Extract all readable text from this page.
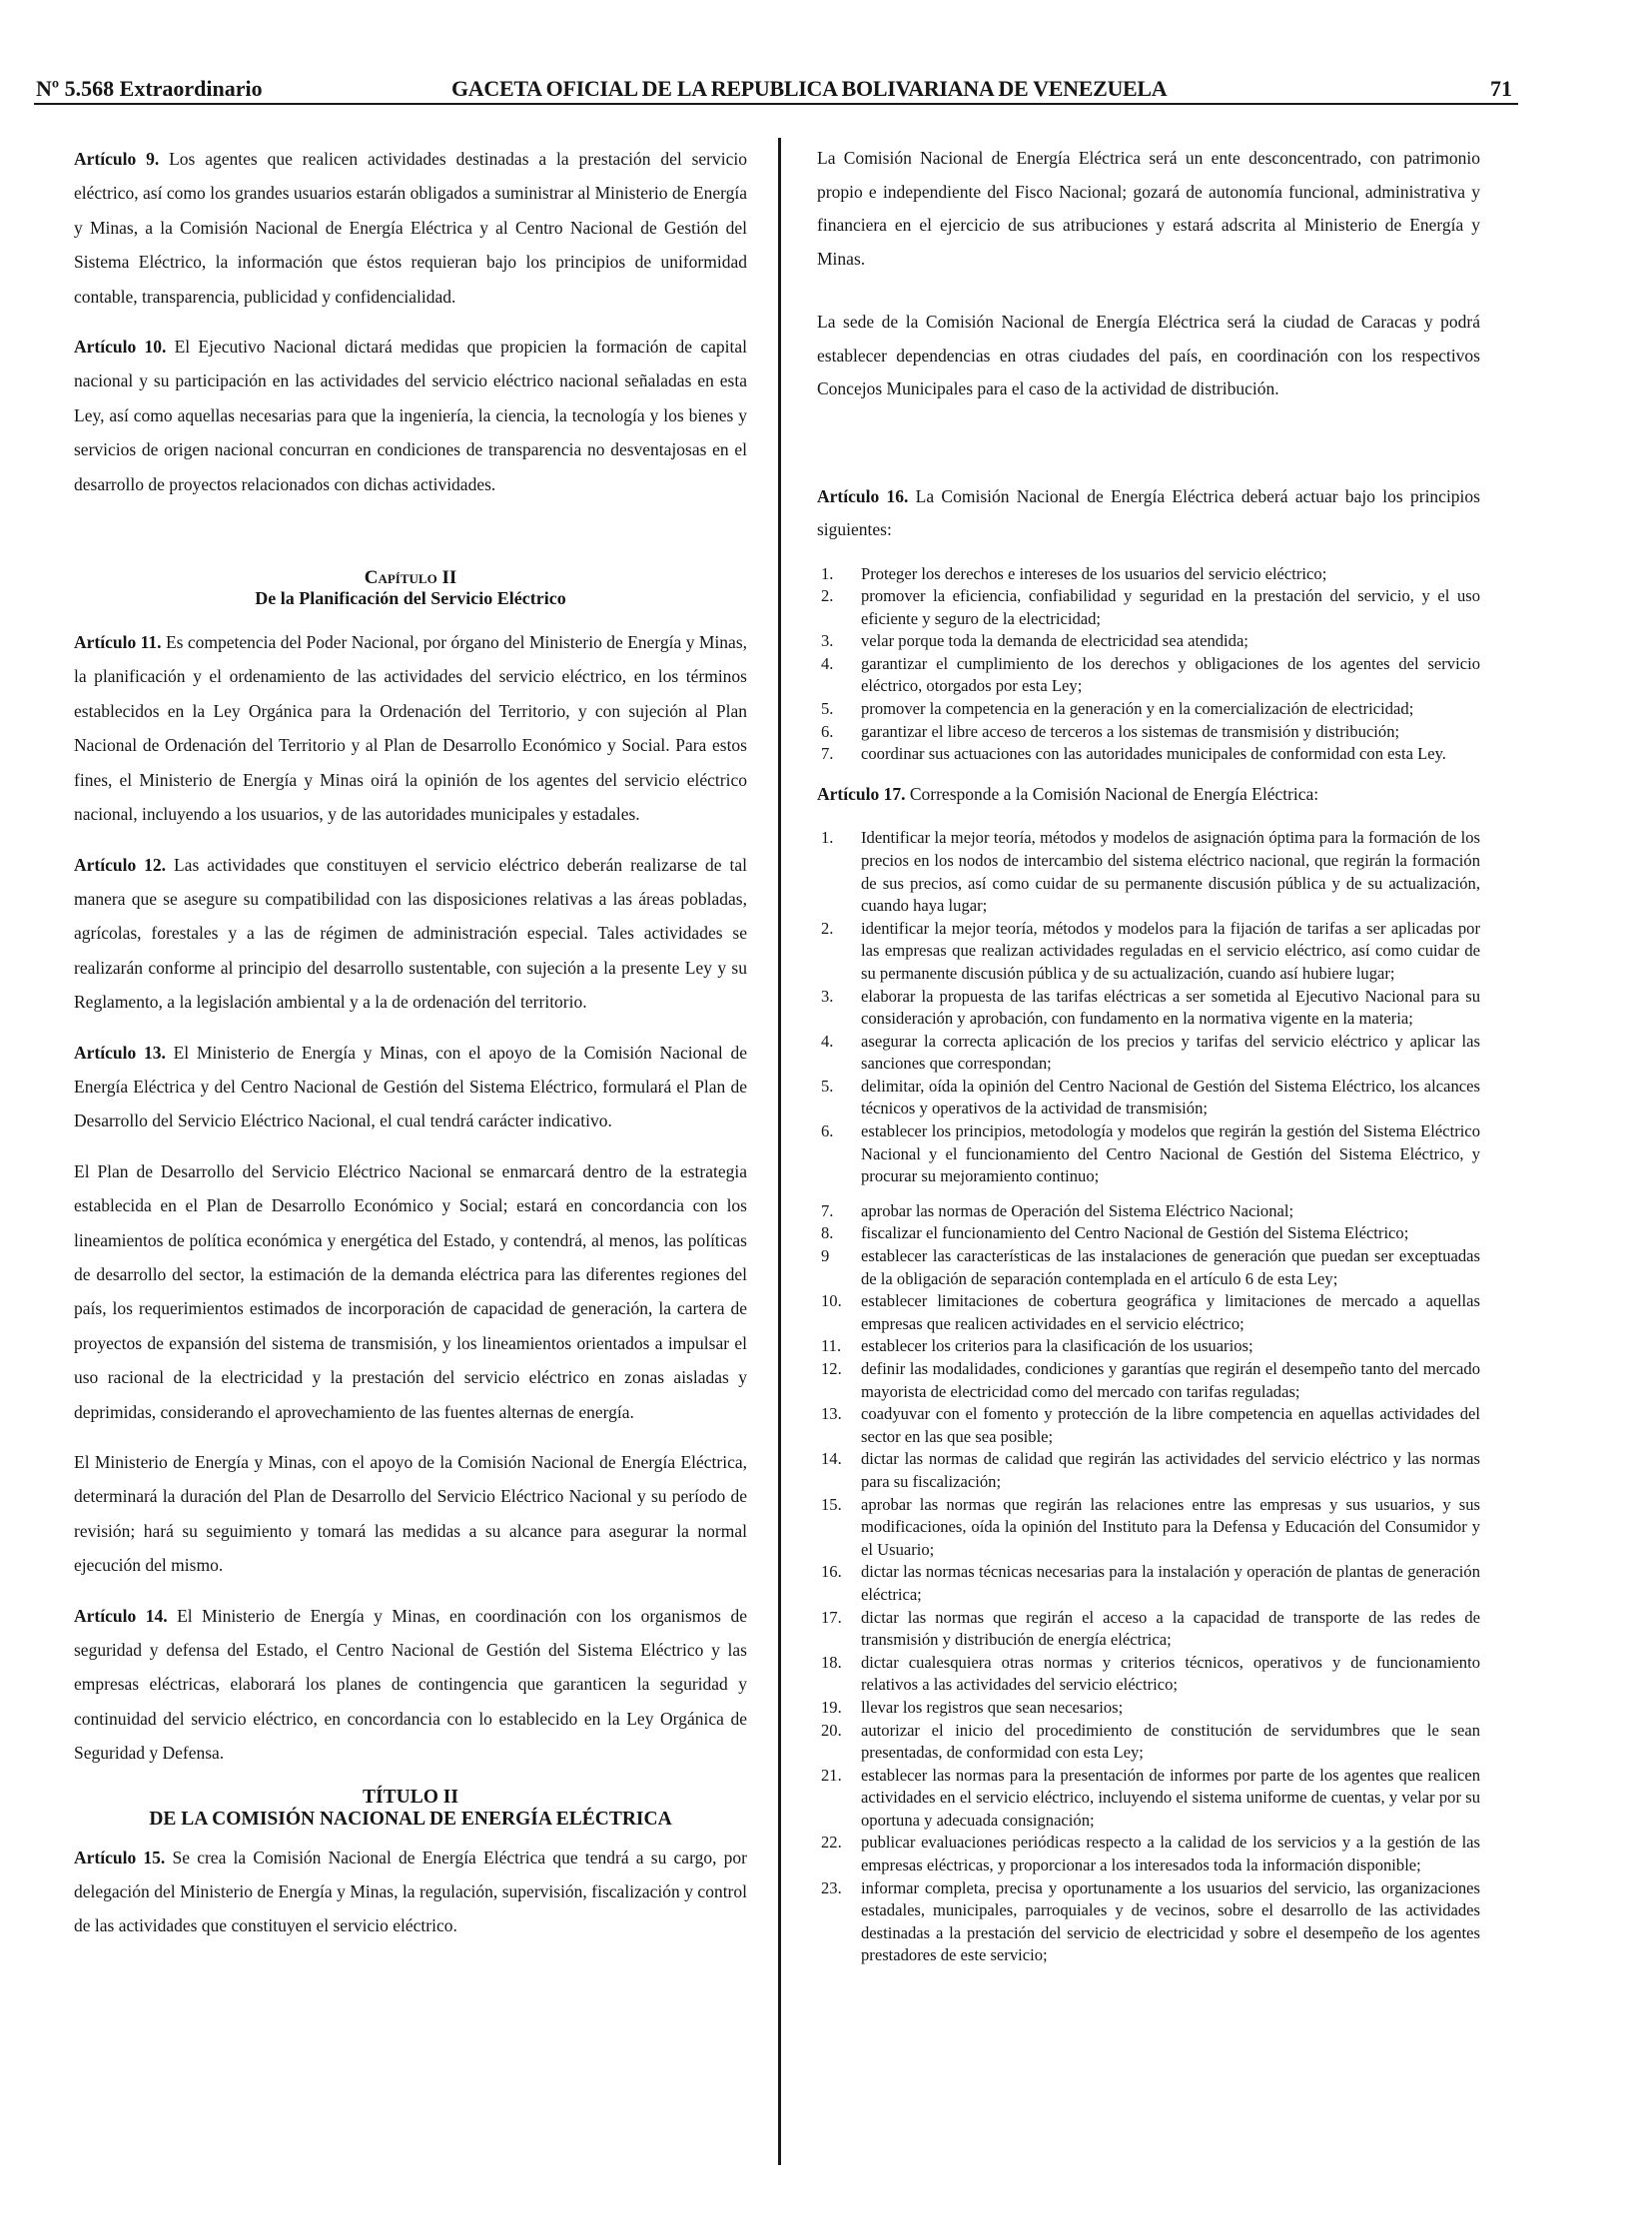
Nº 5.568 Extraordinario	GACETA OFICIAL DE LA REPUBLICA BOLIVARIANA DE VENEZUELA	71

Artículo 9. Los agentes que realicen actividades destinadas a la prestación del servicio eléctrico, así como los grandes usuarios estarán obligados a suministrar al Ministerio de Energía y Minas, a la Comisión Nacional de Energía Eléctrica y al Centro Nacional de Gestión del Sistema Eléctrico, la información que éstos requieran bajo los principios de uniformidad contable, transparencia, publicidad y confidencialidad.

Artículo 10. El Ejecutivo Nacional dictará medidas que propicien la formación de capital nacional y su participación en las actividades del servicio eléctrico nacional señaladas en esta Ley, así como aquellas necesarias para que la ingeniería, la ciencia, la tecnología y los bienes y servicios de origen nacional concurran en condiciones de transparencia no desventajosas en el desarrollo de proyectos relacionados con dichas actividades.

Capítulo II
De la Planificación del Servicio Eléctrico

Artículo 11. Es competencia del Poder Nacional, por órgano del Ministerio de Energía y Minas, la planificación y el ordenamiento de las actividades del servicio eléctrico, en los términos establecidos en la Ley Orgánica para la Ordenación del Territorio, y con sujeción al Plan Nacional de Ordenación del Territorio y al Plan de Desarrollo Económico y Social. Para estos fines, el Ministerio de Energía y Minas oirá la opinión de los agentes del servicio eléctrico nacional, incluyendo a los usuarios, y de las autoridades municipales y estadales.

Artículo 12. Las actividades que constituyen el servicio eléctrico deberán realizarse de tal manera que se asegure su compatibilidad con las disposiciones relativas a las áreas pobladas, agrícolas, forestales y a las de régimen de administración especial. Tales actividades se realizarán conforme al principio del desarrollo sustentable, con sujeción a la presente Ley y su Reglamento, a la legislación ambiental y a la de ordenación del territorio.

Artículo 13. El Ministerio de Energía y Minas, con el apoyo de la Comisión Nacional de Energía Eléctrica y del Centro Nacional de Gestión del Sistema Eléctrico, formulará el Plan de Desarrollo del Servicio Eléctrico Nacional, el cual tendrá carácter indicativo.

El Plan de Desarrollo del Servicio Eléctrico Nacional se enmarcará dentro de la estrategia establecida en el Plan de Desarrollo Económico y Social; estará en concordancia con los lineamientos de política económica y energética del Estado, y contendrá, al menos, las políticas de desarrollo del sector, la estimación de la demanda eléctrica para las diferentes regiones del país, los requerimientos estimados de incorporación de capacidad de generación, la cartera de proyectos de expansión del sistema de transmisión, y los lineamientos orientados a impulsar el uso racional de la electricidad y la prestación del servicio eléctrico en zonas aisladas y deprimidas, considerando el aprovechamiento de las fuentes alternas de energía.

El Ministerio de Energía y Minas, con el apoyo de la Comisión Nacional de Energía Eléctrica, determinará la duración del Plan de Desarrollo del Servicio Eléctrico Nacional y su período de revisión; hará su seguimiento y tomará las medidas a su alcance para asegurar la normal ejecución del mismo.

Artículo 14. El Ministerio de Energía y Minas, en coordinación con los organismos de seguridad y defensa del Estado, el Centro Nacional de Gestión del Sistema Eléctrico y las empresas eléctricas, elaborará los planes de contingencia que garanticen la seguridad y continuidad del servicio eléctrico, en concordancia con lo establecido en la Ley Orgánica de Seguridad y Defensa.

TÍTULO II
DE LA COMISIÓN NACIONAL DE ENERGÍA ELÉCTRICA

Artículo 15. Se crea la Comisión Nacional de Energía Eléctrica que tendrá a su cargo, por delegación del Ministerio de Energía y Minas, la regulación, supervisión, fiscalización y control de las actividades que constituyen el servicio eléctrico.

La Comisión Nacional de Energía Eléctrica será un ente desconcentrado, con patrimonio propio e independiente del Fisco Nacional; gozará de autonomía funcional, administrativa y financiera en el ejercicio de sus atribuciones y estará adscrita al Ministerio de Energía y Minas.

La sede de la Comisión Nacional de Energía Eléctrica será la ciudad de Caracas y podrá establecer dependencias en otras ciudades del país, en coordinación con los respectivos Concejos Municipales para el caso de la actividad de distribución.

Artículo 16. La Comisión Nacional de Energía Eléctrica deberá actuar bajo los principios siguientes:

1. Proteger los derechos e intereses de los usuarios del servicio eléctrico;
2. promover la eficiencia, confiabilidad y seguridad en la prestación del servicio, y el uso eficiente y seguro de la electricidad;
3. velar porque toda la demanda de electricidad sea atendida;
4. garantizar el cumplimiento de los derechos y obligaciones de los agentes del servicio eléctrico, otorgados por esta Ley;
5. promover la competencia en la generación y en la comercialización de electricidad;
6. garantizar el libre acceso de terceros a los sistemas de transmisión y distribución;
7. coordinar sus actuaciones con las autoridades municipales de conformidad con esta Ley.

Artículo 17. Corresponde a la Comisión Nacional de Energía Eléctrica:

1. Identificar la mejor teoría, métodos y modelos de asignación óptima para la formación de los precios en los nodos de intercambio del sistema eléctrico nacional, que regirán la formación de sus precios, así como cuidar de su permanente discusión pública y de su actualización, cuando haya lugar;
2. identificar la mejor teoría, métodos y modelos para la fijación de tarifas a ser aplicadas por las empresas que realizan actividades reguladas en el servicio eléctrico, así como cuidar de su permanente discusión pública y de su actualización, cuando así hubiere lugar;
3. elaborar la propuesta de las tarifas eléctricas a ser sometida al Ejecutivo Nacional para su consideración y aprobación, con fundamento en la normativa vigente en la materia;
4. asegurar la correcta aplicación de los precios y tarifas del servicio eléctrico y aplicar las sanciones que correspondan;
5. delimitar, oída la opinión del Centro Nacional de Gestión del Sistema Eléctrico, los alcances técnicos y operativos de la actividad de transmisión;
6. establecer los principios, metodología y modelos que regirán la gestión del Sistema Eléctrico Nacional y el funcionamiento del Centro Nacional de Gestión del Sistema Eléctrico, y procurar su mejoramiento continuo;
7. aprobar las normas de Operación del Sistema Eléctrico Nacional;
8. fiscalizar el funcionamiento del Centro Nacional de Gestión del Sistema Eléctrico;
9 establecer las características de las instalaciones de generación que puedan ser exceptuadas de la obligación de separación contemplada en el artículo 6 de esta Ley;
10. establecer limitaciones de cobertura geográfica y limitaciones de mercado a aquellas empresas que realicen actividades en el servicio eléctrico;
11. establecer los criterios para la clasificación de los usuarios;
12. definir las modalidades, condiciones y garantías que regirán el desempeño tanto del mercado mayorista de electricidad como del mercado con tarifas reguladas;
13. coadyuvar con el fomento y protección de la libre competencia en aquellas actividades del sector en las que sea posible;
14. dictar las normas de calidad que regirán las actividades del servicio eléctrico y las normas para su fiscalización;
15. aprobar las normas que regirán las relaciones entre las empresas y sus usuarios, y sus modificaciones, oída la opinión del Instituto para la Defensa y Educación del Consumidor y el Usuario;
16. dictar las normas técnicas necesarias para la instalación y operación de plantas de generación eléctrica;
17. dictar las normas que regirán el acceso a la capacidad de transporte de las redes de transmisión y distribución de energía eléctrica;
18. dictar cualesquiera otras normas y criterios técnicos, operativos y de funcionamiento relativos a las actividades del servicio eléctrico;
19. llevar los registros que sean necesarios;
20. autorizar el inicio del procedimiento de constitución de servidumbres que le sean presentadas, de conformidad con esta Ley;
21. establecer las normas para la presentación de informes por parte de los agentes que realicen actividades en el servicio eléctrico, incluyendo el sistema uniforme de cuentas, y velar por su oportuna y adecuada consignación;
22. publicar evaluaciones periódicas respecto a la calidad de los servicios y a la gestión de las empresas eléctricas, y proporcionar a los interesados toda la información disponible;
23. informar completa, precisa y oportunamente a los usuarios del servicio, las organizaciones estadales, municipales, parroquiales y de vecinos, sobre el desarrollo de las actividades destinadas a la prestación del servicio de electricidad y sobre el desempeño de los agentes prestadores de este servicio;
